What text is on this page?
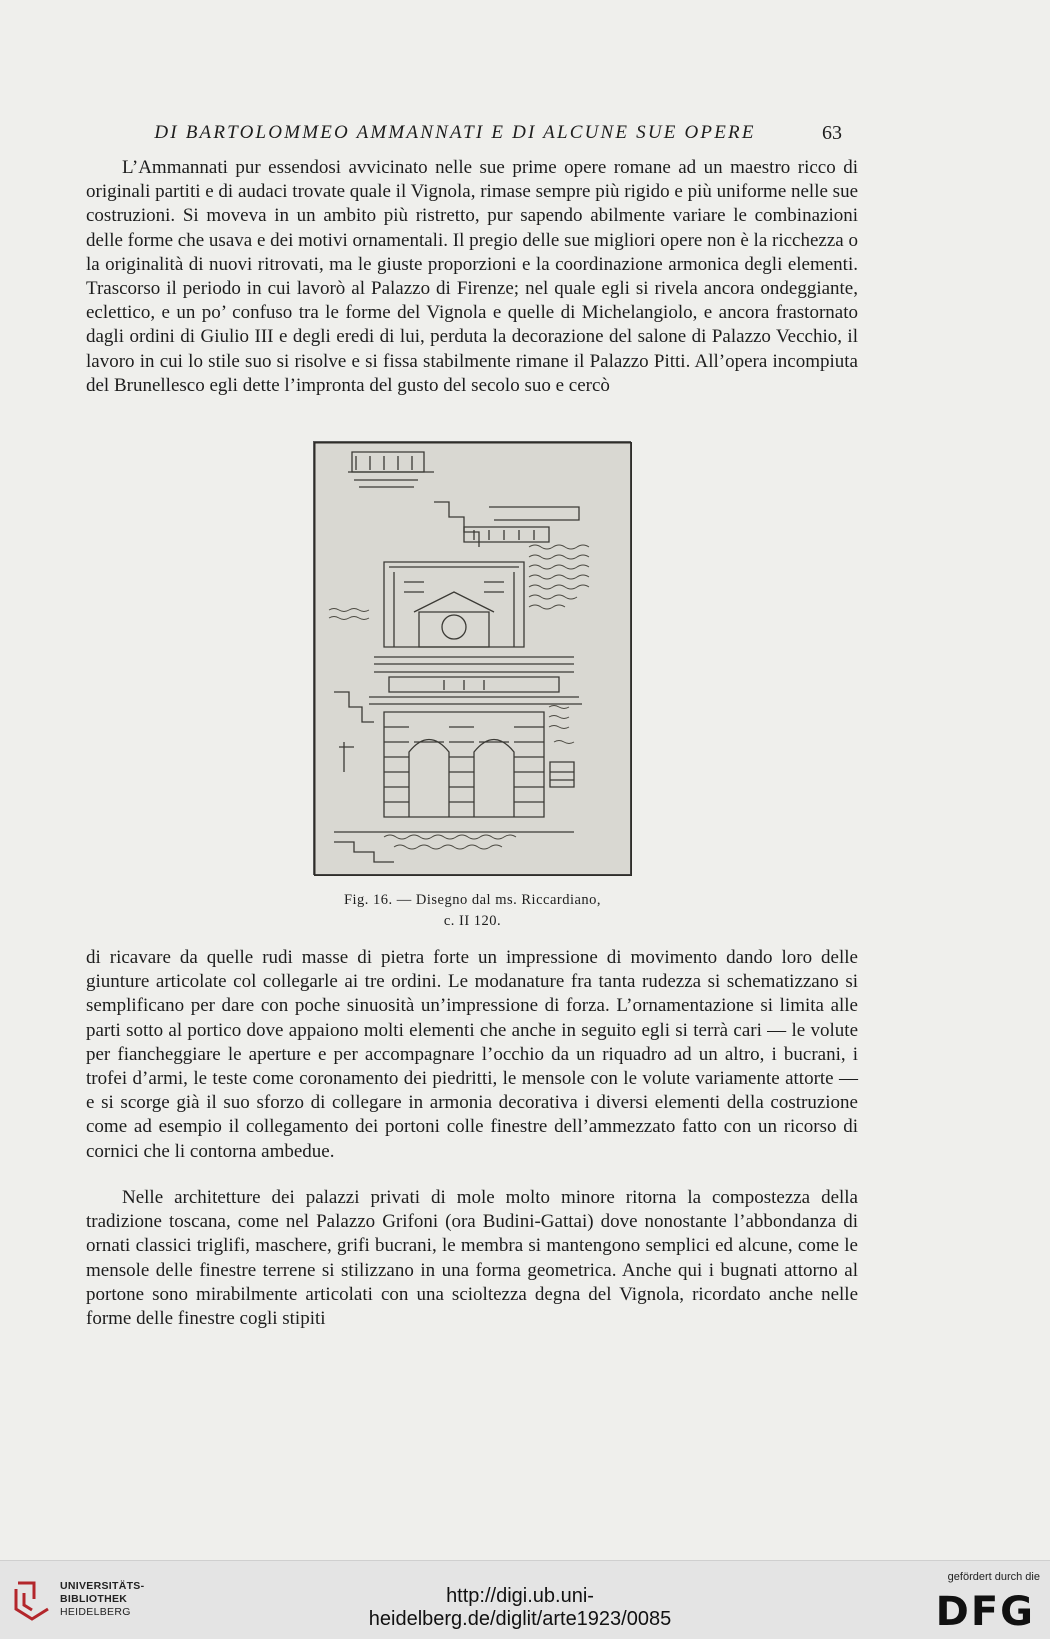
DI BARTOLOMMEO AMMANNATI E DI ALCUNE SUE OPERE	63

L’Ammannati pur essendosi avvicinato nelle sue prime opere romane ad un maestro ricco di originali partiti e di audaci trovate quale il Vignola, rimase sempre più rigido e più uniforme nelle sue costruzioni. Si moveva in un ambito più ristretto, pur sapendo abilmente variare le combinazioni delle forme che usava e dei motivi ornamentali. Il pregio delle sue migliori opere non è la ricchezza o la originalità di nuovi ritrovati, ma le giuste proporzioni e la coordinazione armonica degli elementi. Trascorso il periodo in cui lavorò al Palazzo di Firenze; nel quale egli si rivela ancora ondeggiante, eclettico, e un po’ confuso tra le forme del Vignola e quelle di Michelangiolo, e ancora frastornato dagli ordini di Giulio III e degli eredi di lui, perduta la decorazione del salone di Palazzo Vecchio, il lavoro in cui lo stile suo si risolve e si fissa stabilmente rimane il Palazzo Pitti. All’opera incompiuta del Brunellesco egli dette l’impronta del gusto del secolo suo e cercò

Fig. 16. — Disegno dal ms. Riccardiano,
c. II 120.

di ricavare da quelle rudi masse di pietra forte un impressione di movimento dando loro delle giunture articolate col collegarle ai tre ordini. Le modanature fra tanta rudezza si schematizzano si semplificano per dare con poche sinuosità un’impressione di forza. L’ornamentazione si limita alle parti sotto al portico dove appaiono molti elementi che anche in seguito egli si terrà cari — le volute per fiancheggiare le aperture e per accompagnare l’occhio da un riquadro ad un altro, i bucrani, i trofei d’armi, le teste come coronamento dei piedritti, le mensole con le volute variamente attorte — e si scorge già il suo sforzo di collegare in armonia decorativa i diversi elementi della costruzione come ad esempio il collegamento dei portoni colle finestre dell’ammezzato fatto con un ricorso di cornici che li contorna ambedue.

Nelle architetture dei palazzi privati di mole molto minore ritorna la compostezza della tradizione toscana, come nel Palazzo Grifoni (ora Budini-Gattai) dove nonostante l’abbondanza di ornati classici triglifi, maschere, grifi bucrani, le membra si mantengono semplici ed alcune, come le mensole delle finestre terrene si stilizzano in una forma geometrica. Anche qui i bugnati attorno al portone sono mirabilmente articolati con una scioltezza degna del Vignola, ricordato anche nelle forme delle finestre cogli stipiti

UNIVERSITÄTS-
BIBLIOTHEK
HEIDELBERG
http://digi.ub.uni-heidelberg.de/diglit/arte1923/0085
gefördert durch die
DFG
